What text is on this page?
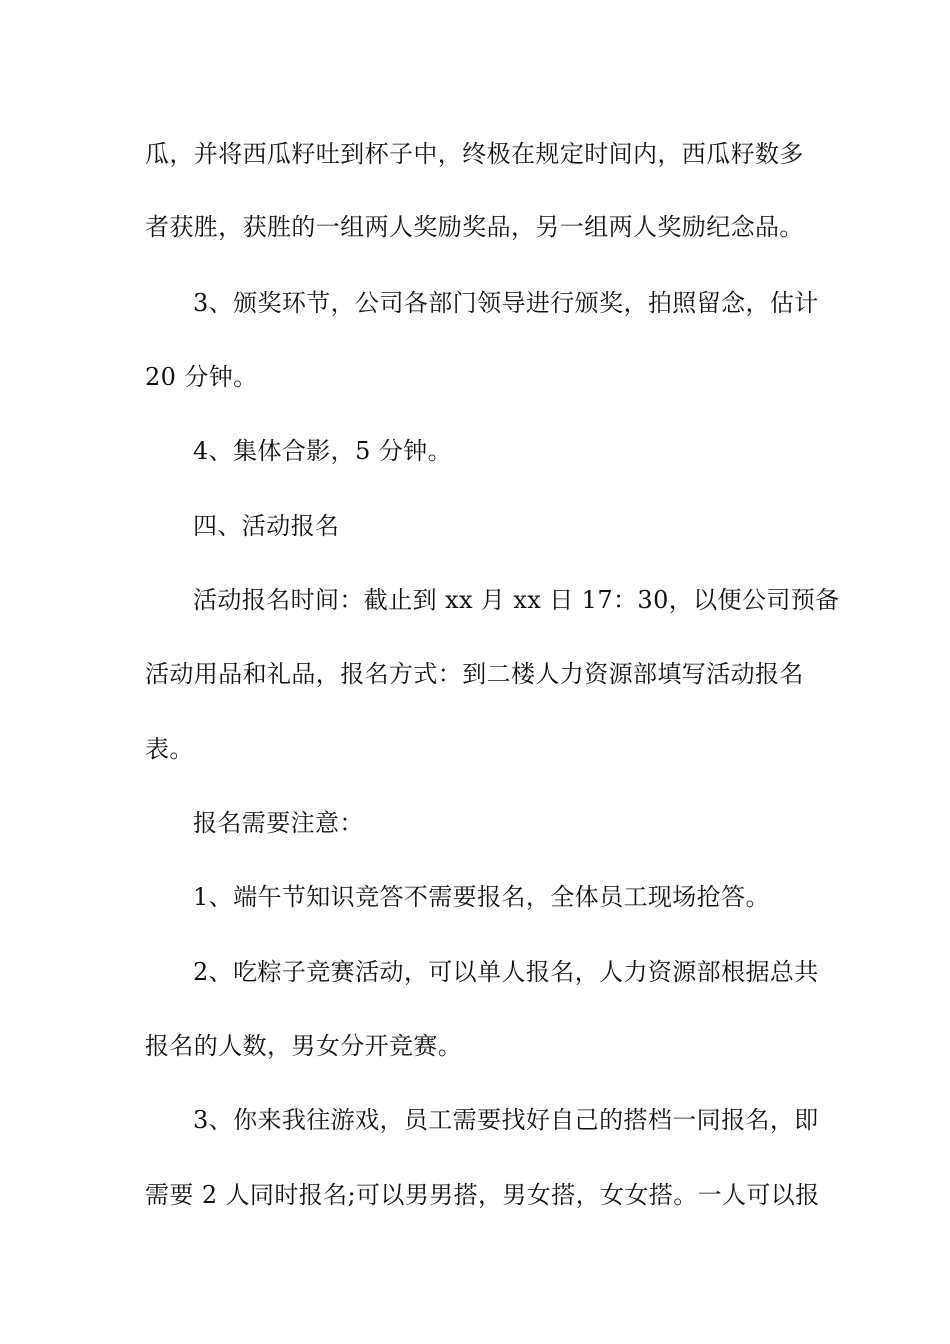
瓜，并将西瓜籽吐到杯子中，终极在规定时间内，西瓜籽数多
者获胜，获胜的一组两人奖励奖品，另一组两人奖励纪念品。
3、颁奖环节，公司各部门领导进行颁奖，拍照留念，估计
20 分钟。
4、集体合影，5 分钟。
四、活动报名
活动报名时间：截止到 xx 月 xx 日 17：30，以便公司预备
活动用品和礼品，报名方式：到二楼人力资源部填写活动报名
表。
报名需要注意：
1、端午节知识竞答不需要报名，全体员工现场抢答。
2、吃粽子竞赛活动，可以单人报名，人力资源部根据总共
报名的人数，男女分开竞赛。
3、你来我往游戏，员工需要找好自己的搭档一同报名，即
需要 2 人同时报名;可以男男搭，男女搭，女女搭。一人可以报
